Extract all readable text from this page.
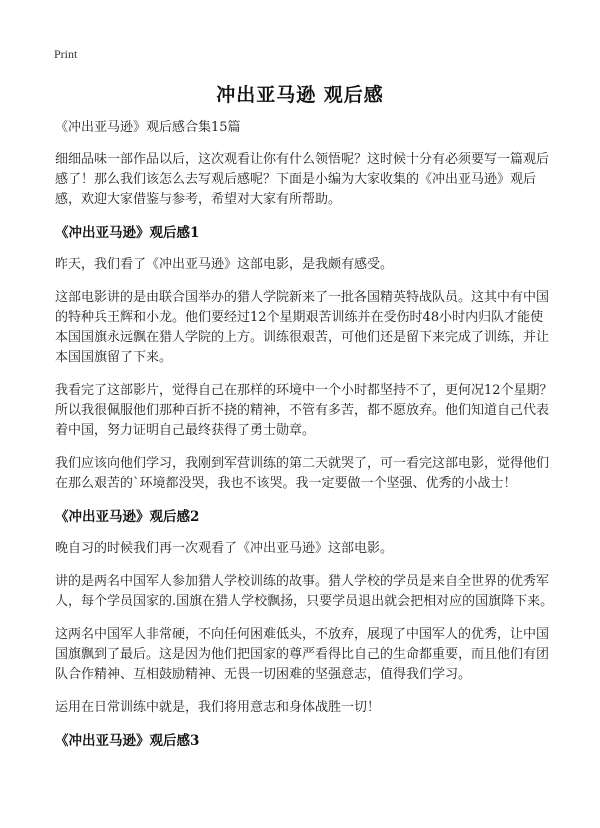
Print
冲出亚马逊 观后感

《冲出亚马逊》观后感合集15篇

细细品味一部作品以后，这次观看让你有什么领悟呢？这时候十分有必须要写一篇观后感了！那么我们该怎么去写观后感呢？下面是小编为大家收集的《冲出亚马逊》观后感，欢迎大家借鉴与参考，希望对大家有所帮助。

《冲出亚马逊》观后感1

昨天，我们看了《冲出亚马逊》这部电影，是我颇有感受。

这部电影讲的是由联合国举办的猎人学院新来了一批各国精英特战队员。这其中有中国的特种兵王辉和小龙。他们要经过12个星期艰苦训练并在受伤时48小时内归队才能使本国国旗永远飘在猎人学院的上方。训练很艰苦，可他们还是留下来完成了训练，并让本国国旗留了下来。

我看完了这部影片，觉得自己在那样的环境中一个小时都坚持不了，更何况12个星期？所以我很佩服他们那种百折不挠的精神，不管有多苦，都不愿放弃。他们知道自己代表着中国，努力证明自己最终获得了勇士勋章。

我们应该向他们学习，我刚到军营训练的第二天就哭了，可一看完这部电影，觉得他们在那么艰苦的`环境都没哭，我也不该哭。我一定要做一个坚强、优秀的小战士！

《冲出亚马逊》观后感2

晚自习的时候我们再一次观看了《冲出亚马逊》这部电影。

讲的是两名中国军人参加猎人学校训练的故事。猎人学校的学员是来自全世界的优秀军人，每个学员国家的.国旗在猎人学校飘扬，只要学员退出就会把相对应的国旗降下来。

这两名中国军人非常硬，不向任何困难低头，不放弃，展现了中国军人的优秀，让中国国旗飘到了最后。这是因为他们把国家的尊严看得比自己的生命都重要，而且他们有团队合作精神、互相鼓励精神、无畏一切困难的坚强意志，值得我们学习。

运用在日常训练中就是，我们将用意志和身体战胜一切！

《冲出亚马逊》观后感3
